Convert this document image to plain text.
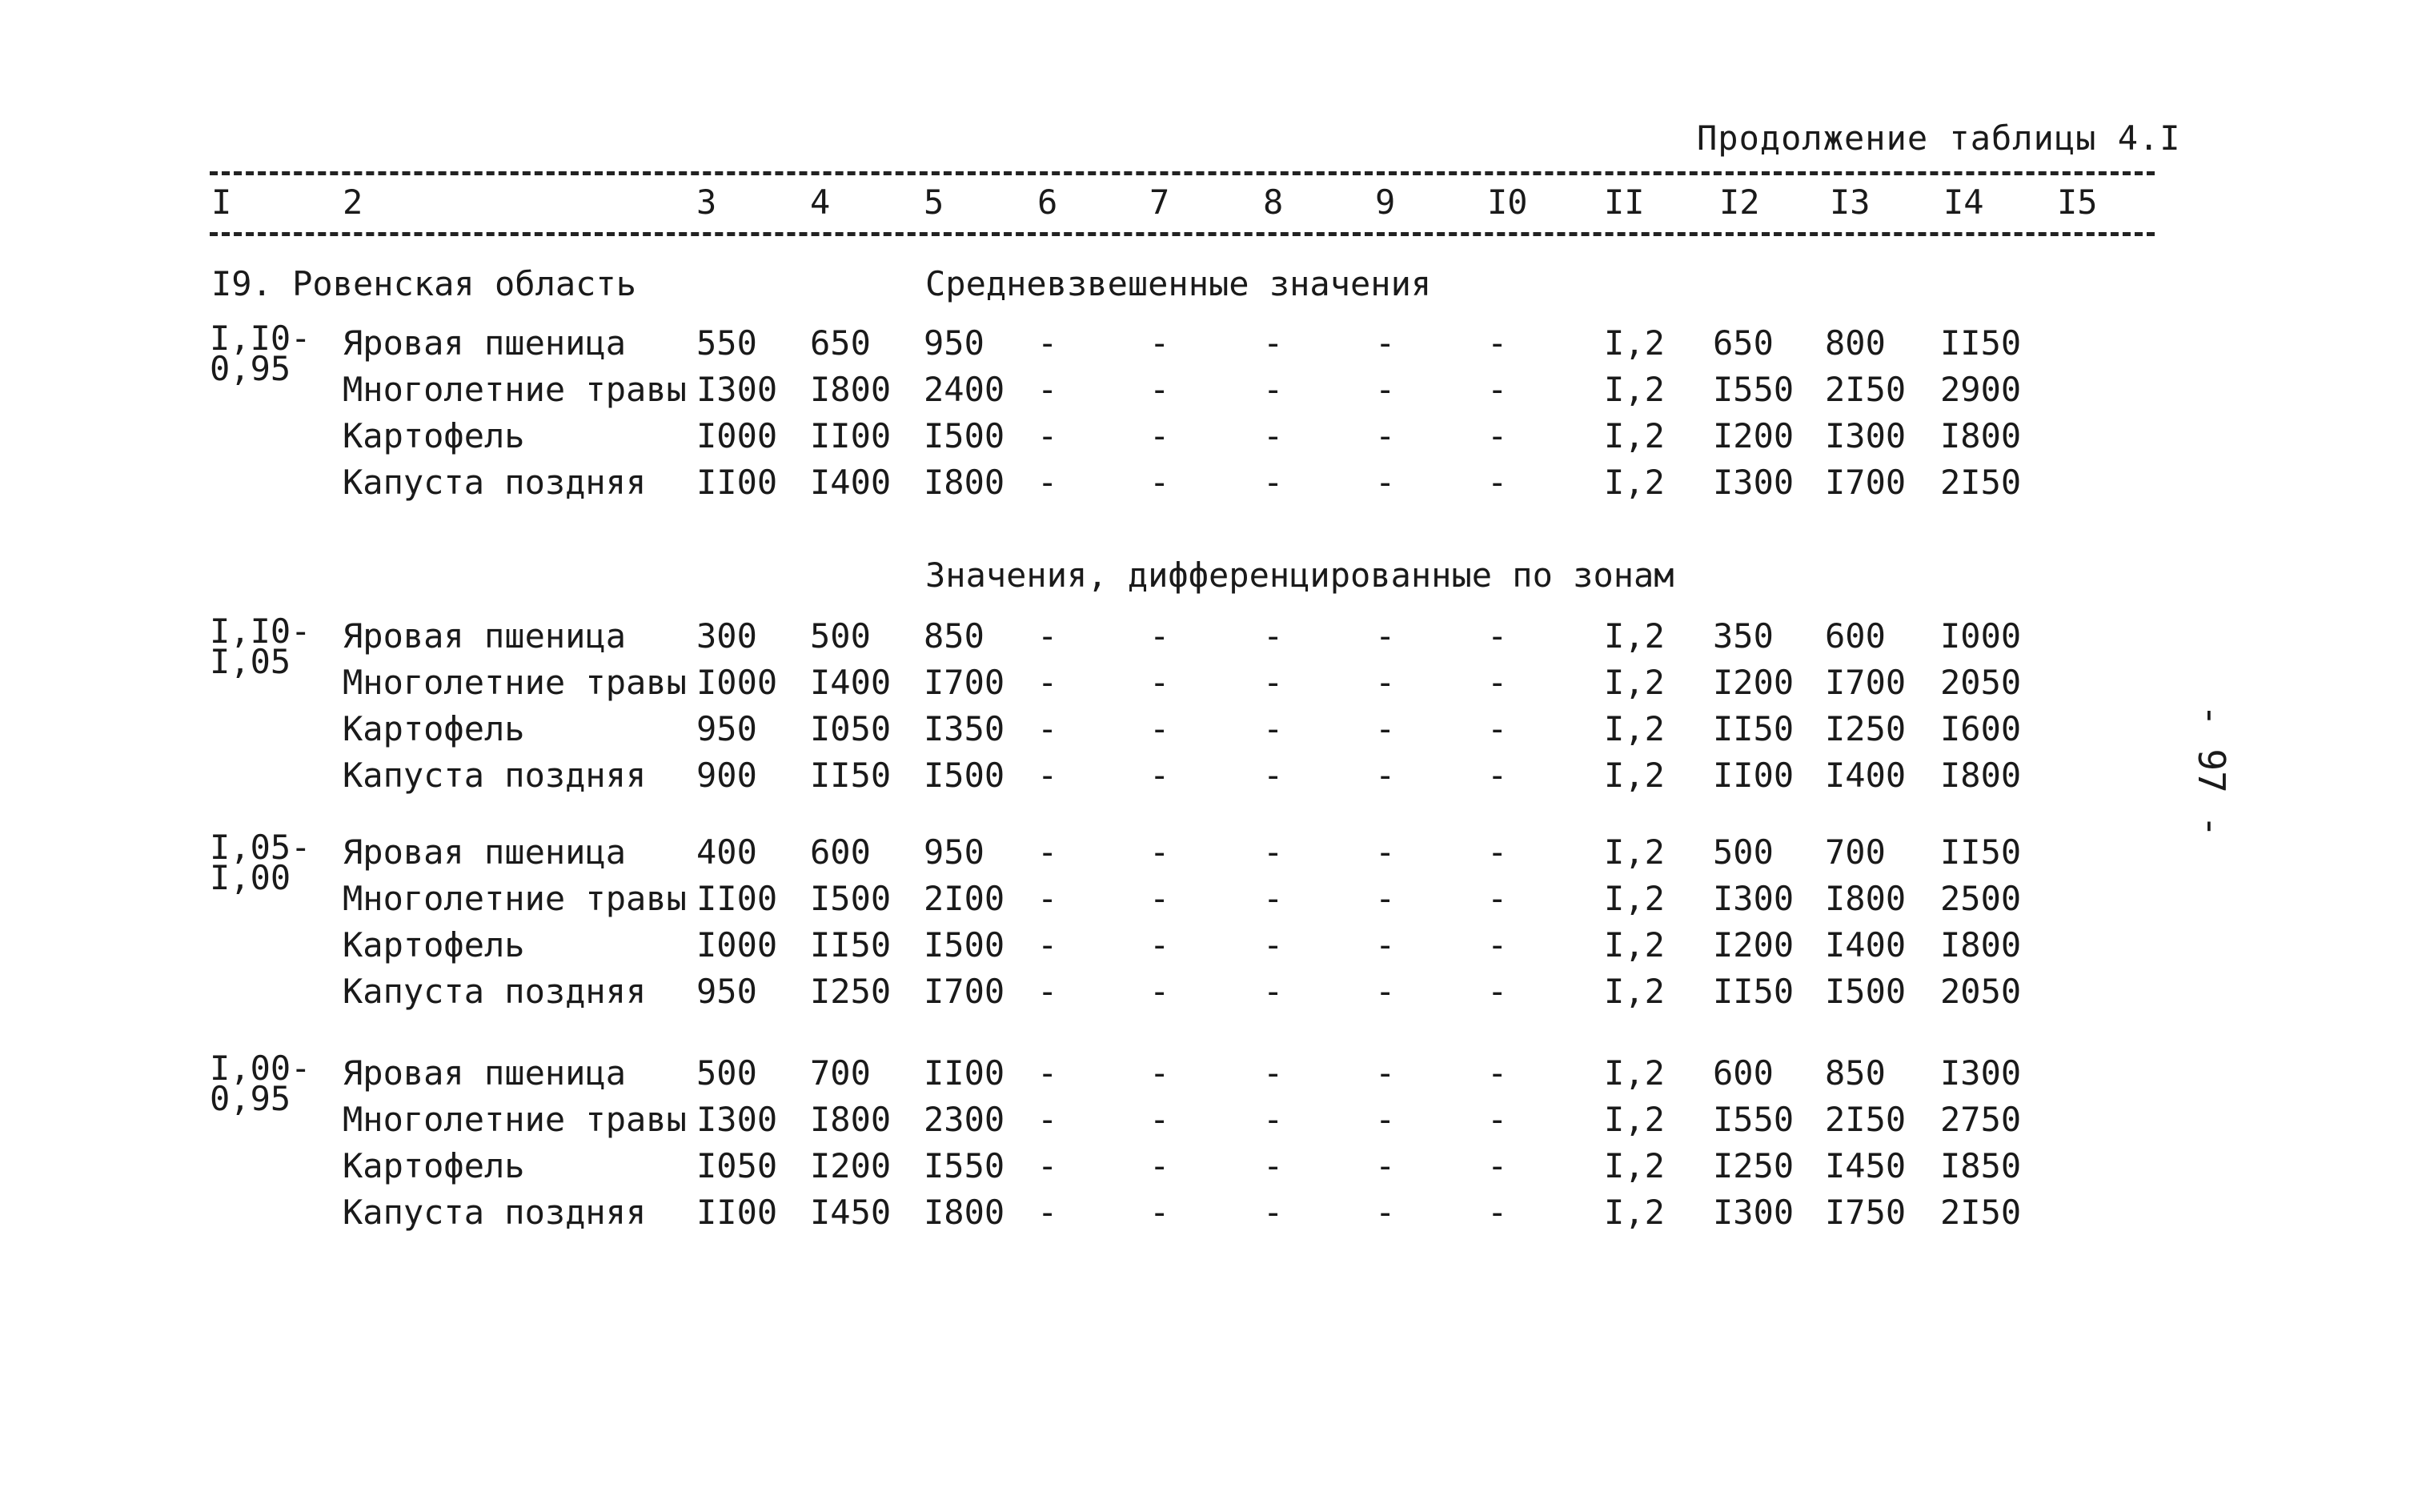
Продолжение таблицы 4.I
I	2	3	4	5	6	7	8	9	I0 II I2 I3 I4 I5
I9. Ровенская область	Средневзвешенные значения
I,I0-
0,95
Яровая пшеница 550 650 950 -	-	-	-	-	I,2 650 800 II50
Многолетние травы I300 I800 2400 -	-	-	-	-	I,2 I550 2I50 2900
Картофель	I000 II00 I500 -	-	-	-	-	I,2 I200 I300 I800
Капуста поздняя II00 I400 I800 -	-	-	-	-	I,2 I300 I700 2I50
Значения, дифференцированные по зонам
I,I0-
I,05
Яровая пшеница 300 500 850 -	-	-	-	-	I,2 350 600 I000
Многолетние травы I000 I400 I700 -	-	-	-	-	I,2 I200 I700 2050
Картофель	950 I050 I350 -	-	-	-	-	I,2 II50 I250 I600
Капуста поздняя 900 II50 I500 -	-	-	-	-	I,2 II00 I400 I800
I,05-
I,00
Яровая пшеница 400 600 950 -	-	-	-	-	I,2 500 700 II50
Многолетние травы II00 I500 2I00 -	-	-	-	-	I,2 I300 I800 2500
Картофель	I000 II50 I500 -	-	-	-	-	I,2 I200 I400 I800
Капуста поздняя 950 I250 I700 -	-	-	-	-	I,2 II50 I500 2050
I,00-
0,95
Яровая пшеница 500 700 II00 -	-	-	-	-	I,2 600 850 I300
Многолетние травы I300 I800 2300 -	-	-	-	-	I,2 I550 2I50 2750
Картофель	I050 I200 I550 -	-	-	-	-	I,2 I250 I450 I850
Капуста поздняя II00 I450 I800 -	-	-	-	-	I,2 I300 I750 2I50
- 97 -
